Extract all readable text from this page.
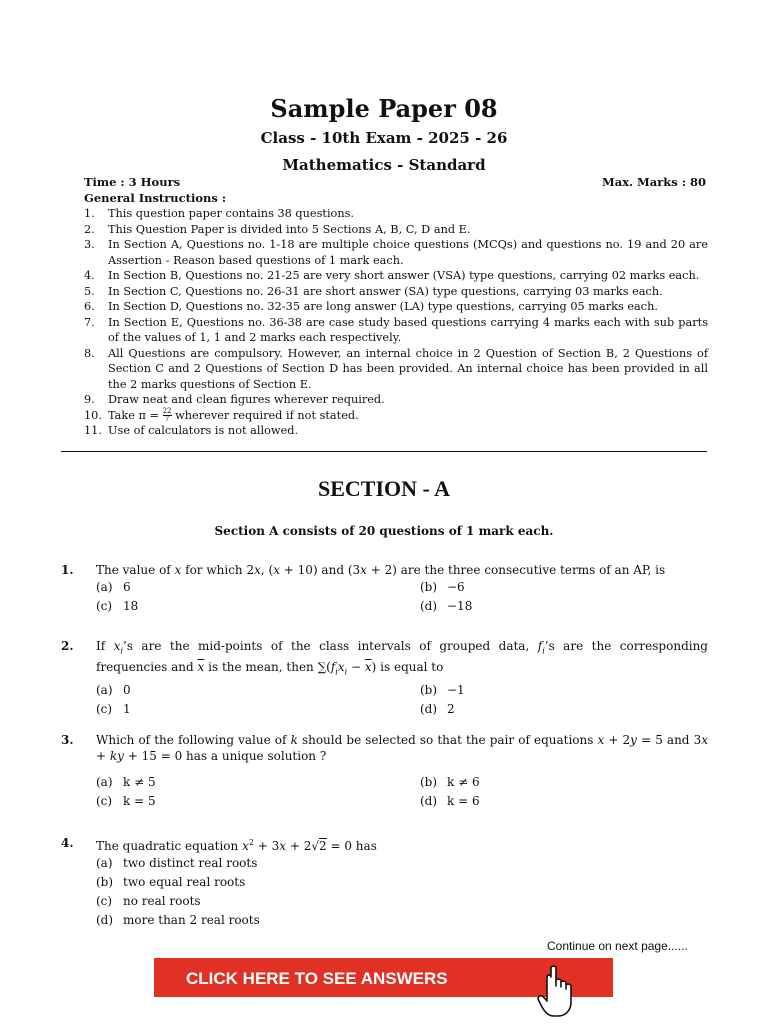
Sample Paper 08
Class - 10th Exam - 2025 - 26
Mathematics - Standard
Time : 3 Hours	Max. Marks : 80
General Instructions :
1.	This question paper contains 38 questions.
2.	This Question Paper is divided into 5 Sections A, B, C, D and E.
3.	In Section A, Questions no. 1-18 are multiple choice questions (MCQs) and questions no. 19 and 20 are Assertion - Reason based questions of 1 mark each.
4.	In Section B, Questions no. 21-25 are very short answer (VSA) type questions, carrying 02 marks each.
5.	In Section C, Questions no. 26-31 are short answer (SA) type questions, carrying 03 marks each.
6.	In Section D, Questions no. 32-35 are long answer (LA) type questions, carrying 05 marks each.
7.	In Section E, Questions no. 36-38 are case study based questions carrying 4 marks each with sub parts of the values of 1, 1 and 2 marks each respectively.
8.	All Questions are compulsory. However, an internal choice in 2 Question of Section B, 2 Questions of Section C and 2 Questions of Section D has been provided. An internal choice has been provided in all the 2 marks questions of Section E.
9.	Draw neat and clean figures wherever required.
10. Take $\pi = \frac{22}{7}$ wherever required if not stated.
11. Use of calculators is not allowed.
SECTION - A
Section A consists of 20 questions of 1 mark each.
1. The value of x for which 2x, (x + 10) and (3x + 2) are the three consecutive terms of an AP, is
(a) 6	(b) −6
(c) 18	(d) −18
2. If $x_i’s$ are the mid-points of the class intervals of grouped data, $f_i’s$ are the corresponding frequencies and $\overline{x}$ is the mean, then $\sum(f_ix_i - \overline{x})$ is equal to
(a) 0	(b) −1
(c) 1	(d) 2
3. Which of the following value of k should be selected so that the pair of equations x + 2y = 5 and 3x + ky + 15 = 0 has a unique solution ?
(a) k ≠ 5	(b) k ≠ 6
(c) k = 5	(d) k = 6
4. The quadratic equation $x^2 + 3x + 2√2 = 0$ has
(a) two distinct real roots
(b) two equal real roots
(c) no real roots
(d) more than 2 real roots
Continue on next page......
CLICK HERE TO SEE ANSWERS
